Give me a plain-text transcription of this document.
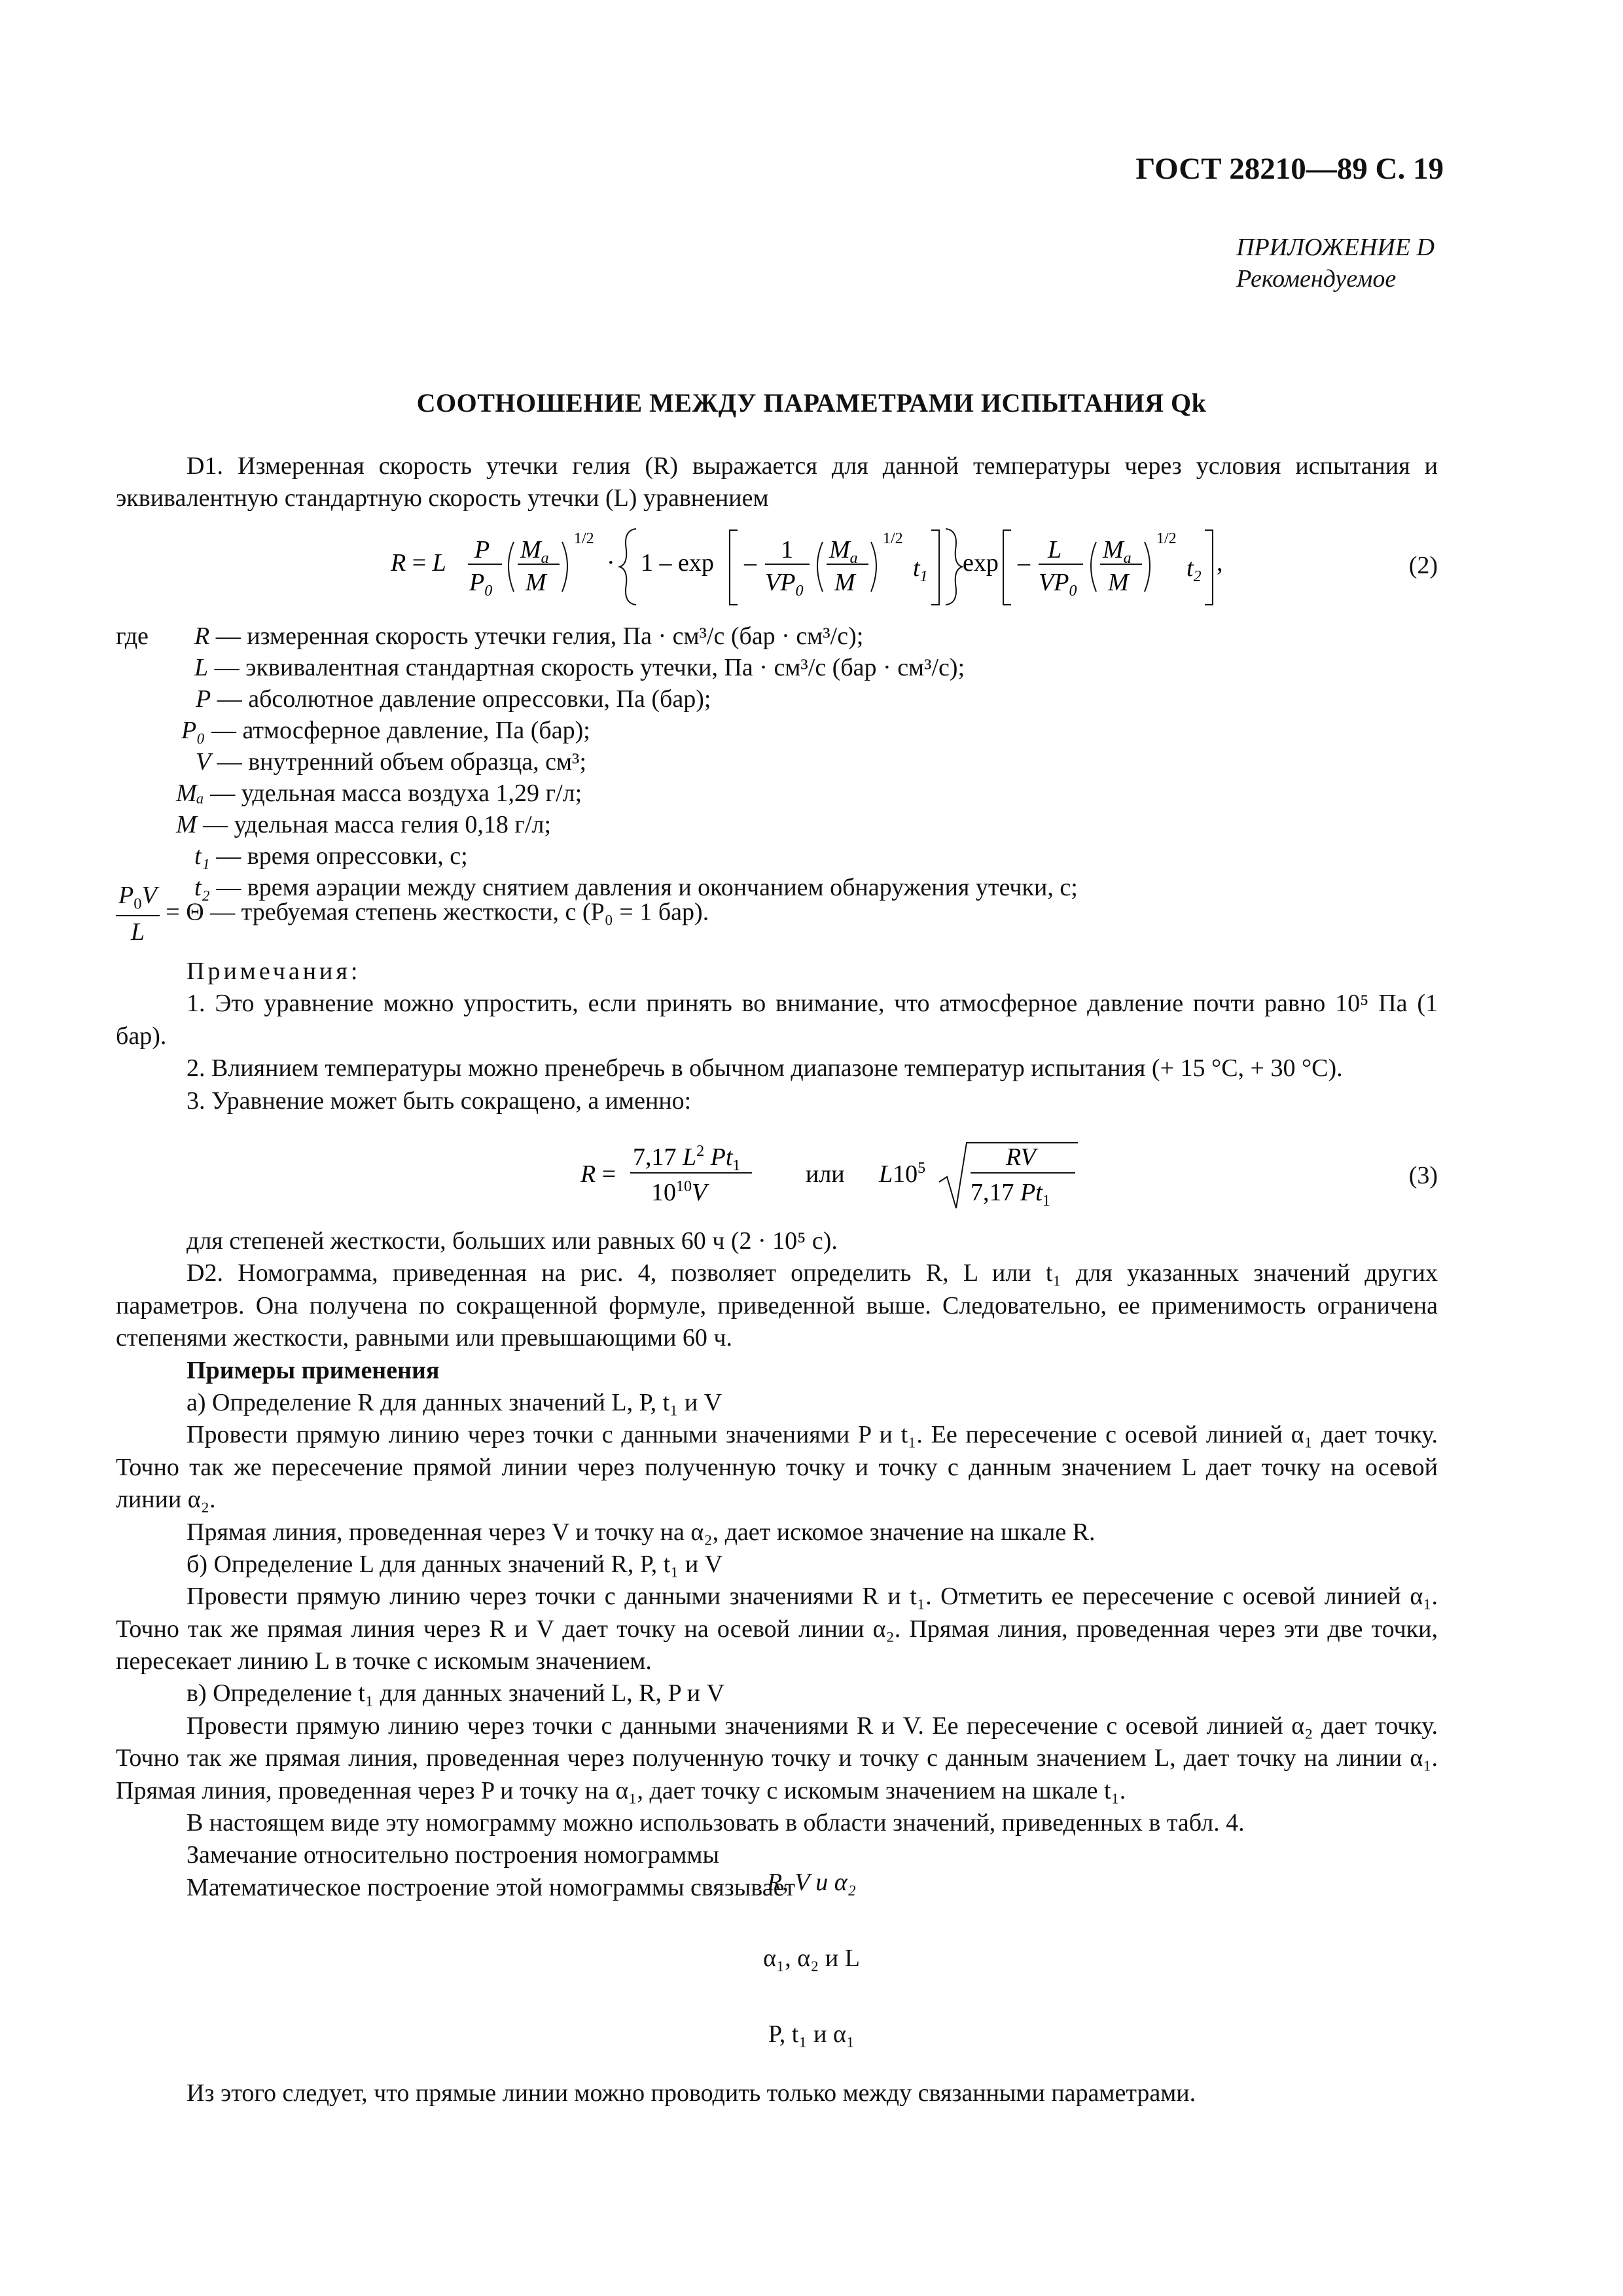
ГОСТ 28210—89 С. 19
ПРИЛОЖЕНИЕ D
Рекомендуемое
СООТНОШЕНИЕ МЕЖДУ ПАРАМЕТРАМИ ИСПЫТАНИЯ Qk

D1. Измеренная скорость утечки гелия (R) выражается для данной температуры через условия испытания и эквивалентную стандартную скорость утечки (L) уравнением

R = L P
$P_0$
$M_a$
M
1/2
· 1 – exp – 1
$VP_0$
$M_a$
M
1/2
$t_1$ exp – L
$VP_0$
$M_a$
M
1/2
$t_2$ ,	(2)
где R — измеренная скорость утечки гелия, Па · см³/с (бар · см³/с);
L — эквивалентная стандартная скорость утечки, Па · см³/с (бар · см³/с);
P — абсолютное давление опрессовки, Па (бар);
P₀ — атмосферное давление, Па (бар);
V — внутренний объем образца, см³;
Mₐ — удельная масса воздуха 1,29 г/л;
M — удельная масса гелия 0,18 г/л;
t₁ — время опрессовки, с;
t₂ — время аэрации между снятием давления и окончанием обнаружения утечки, с;
$\frac{P_0V}{L} = \Theta$ — требуемая степень жесткости, с (P₀ = 1 бар).

Примечания:

1. Это уравнение можно упростить, если принять во внимание, что атмосферное давление почти равно 10⁵ Па (1 бар).

2. Влиянием температуры можно пренебречь в обычном диапазоне температур испытания (+ 15 °С, + 30 °С).

3. Уравнение может быть сокращено, а именно:

R =
7,17 $L^2$ $Pt_1$
$10^{10}V$
или $L10^5$	RV
7,17 $Pt_1$
(3)

для степеней жесткости, больших или равных 60 ч (2 · 10⁵ с).

D2. Номограмма, приведенная на рис. 4, позволяет определить R, L или t₁ для указанных значений других параметров. Она получена по сокращенной формуле, приведенной выше. Следовательно, ее применимость ограничена степенями жесткости, равными или превышающими 60 ч.

Примеры применения

а) Определение R для данных значений L, P, t₁ и V

Провести прямую линию через точки с данными значениями P и t₁. Ее пересечение с осевой линией α₁ дает точку. Точно так же пересечение прямой линии через полученную точку и точку с данным значением L дает точку на осевой линии α₂.

Прямая линия, проведенная через V и точку на α₂, дает искомое значение на шкале R.

б) Определение L для данных значений R, P, t₁ и V

Провести прямую линию через точки с данными значениями R и t₁. Отметить ее пересечение с осевой линией α₁. Точно так же прямая линия через R и V дает точку на осевой линии α₂. Прямая линия, проведенная через эти две точки, пересекает линию L в точке с искомым значением.

в) Определение t₁ для данных значений L, R, P и V

Провести прямую линию через точки с данными значениями R и V. Ее пересечение с осевой линией α₂ дает точку. Точно так же прямая линия, проведенная через полученную точку и точку с данным значением L, дает точку на линии α₁. Прямая линия, проведенная через P и точку на α₁, дает точку с искомым значением на шкале t₁.

В настоящем виде эту номограмму можно использовать в области значений, приведенных в табл. 4.

Замечание относительно построения номограммы

Математическое построение этой номограммы связывает

R, V и α₂
α₁, α₂ и L
P, t₁ и α₁

Из этого следует, что прямые линии можно проводить только между связанными параметрами.
